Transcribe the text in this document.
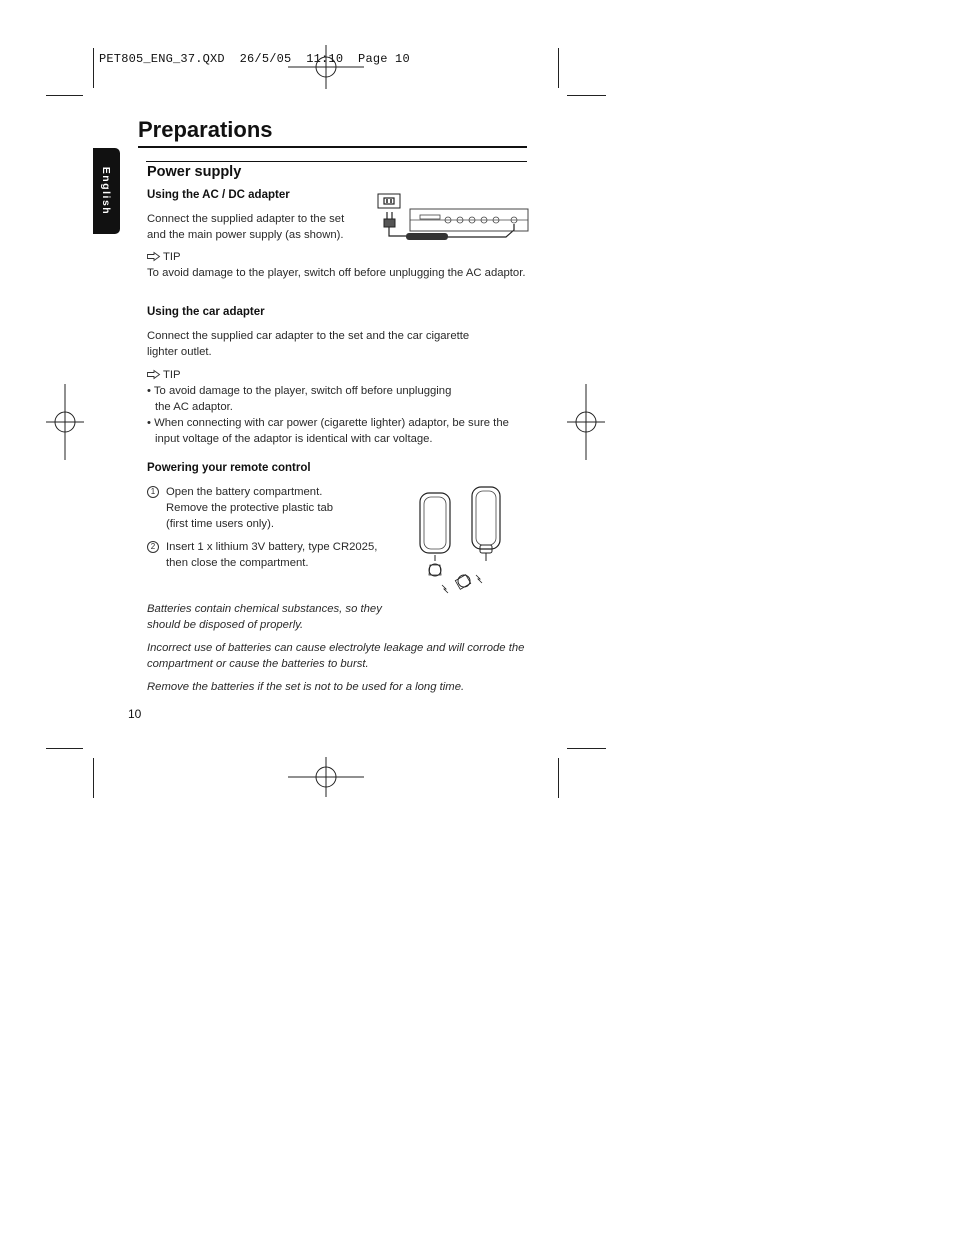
PET805_ENG_37.QXD  26/5/05  11:10  Page 10
English
Preparations
Power supply
Using the AC / DC adapter
Connect the supplied adapter to the set
and the main power supply (as shown).
TIP
To avoid damage to the player, switch off before unplugging the AC adaptor.
Using the car adapter
Connect the supplied car adapter to the set and the car cigarette
lighter outlet.
TIP
• To avoid damage to the player, switch off before unplugging
the AC adaptor.
• When connecting with car power (cigarette lighter) adaptor, be sure the
input voltage of the adaptor is identical with car voltage.
Powering your remote control
1 Open the battery compartment.
Remove the protective plastic tab
(first time users only).
2 Insert 1 x lithium 3V battery, type CR2025,
then close the compartment.
Batteries contain chemical substances, so they
should be disposed of properly.
Incorrect use of batteries can cause electrolyte leakage and will corrode the
compartment or cause the batteries to burst.
Remove the batteries if the set is not to be used for a long time.
10
